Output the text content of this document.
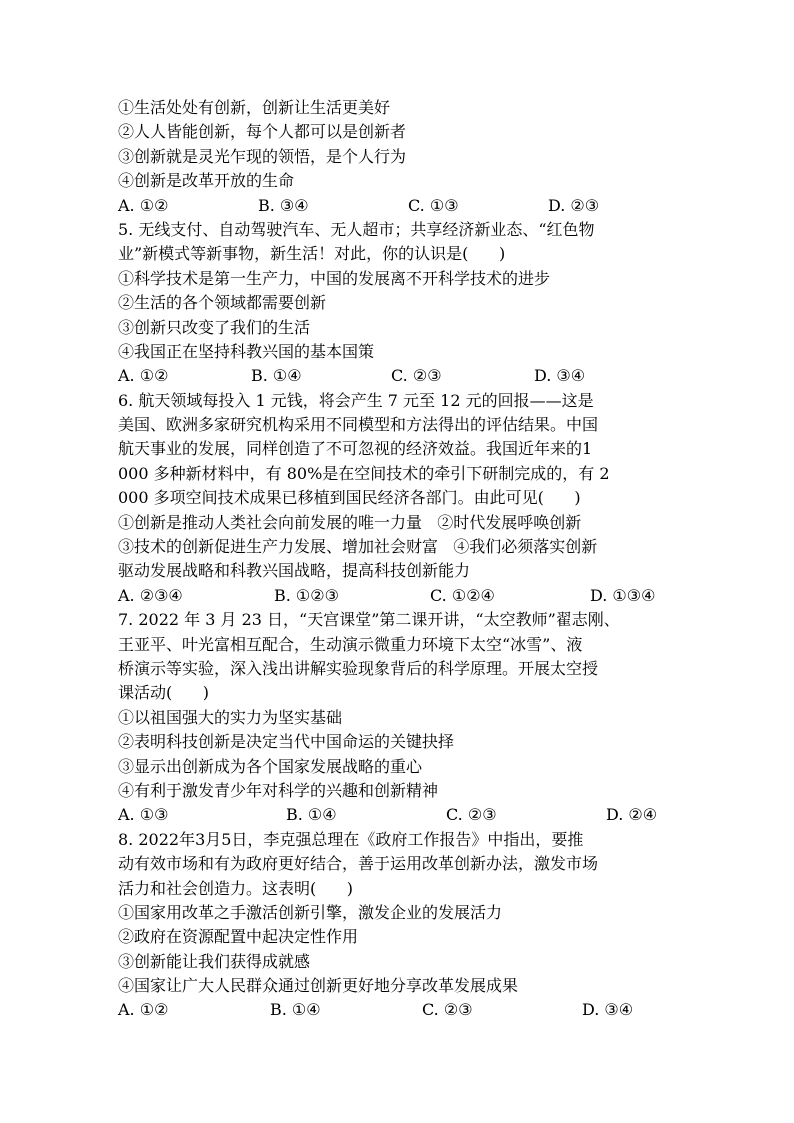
①生活处处有创新，创新让生活更美好
②人人皆能创新，每个人都可以是创新者
③创新就是灵光乍现的领悟，是个人行为
④创新是改革开放的生命
A. ①②	B. ③④	C. ①③	D. ②③
5. 无线支付、自动驾驶汽车、无人超市；共享经济新业态、“红色物
业”新模式等新事物，新生活！对此，你的认识是(      )
①科学技术是第一生产力，中国的发展离不开科学技术的进步
②生活的各个领域都需要创新
③创新只改变了我们的生活
④我国正在坚持科教兴国的基本国策
A. ①②	B. ①④	C. ②③	D. ③④
6. 航天领域每投入 1 元钱，将会产生 7 元至 12 元的回报——这是
美国、欧洲多家研究机构采用不同模型和方法得出的评估结果。中国
航天事业的发展，同样创造了不可忽视的经济效益。我国近年来的1
000 多种新材料中，有 80%是在空间技术的牵引下研制完成的，有 2
000 多项空间技术成果已移植到国民经济各部门。由此可见(      )
①创新是推动人类社会向前发展的唯一力量   ②时代发展呼唤创新
③技术的创新促进生产力发展、增加社会财富   ④我们必须落实创新
驱动发展战略和科教兴国战略，提高科技创新能力
A. ②③④	B. ①②③	C. ①②④	D. ①③④
7. 2022 年 3 月 23 日，“天宫课堂”第二课开讲，“太空教师”翟志刚、
王亚平、叶光富相互配合，生动演示微重力环境下太空“冰雪”、液
桥演示等实验，深入浅出讲解实验现象背后的科学原理。开展太空授
课活动(      )
①以祖国强大的实力为坚实基础
②表明科技创新是决定当代中国命运的关键抉择
③显示出创新成为各个国家发展战略的重心
④有利于激发青少年对科学的兴趣和创新精神
A. ①③	B. ①④	C. ②③	D. ②④
8. 2022年3月5日，李克强总理在《政府工作报告》中指出，要推
动有效市场和有为政府更好结合，善于运用改革创新办法，激发市场
活力和社会创造力。这表明(      )
①国家用改革之手激活创新引擎，激发企业的发展活力
②政府在资源配置中起决定性作用
③创新能让我们获得成就感
④国家让广大人民群众通过创新更好地分享改革发展成果
A. ①②	B. ①④	C. ②③	D. ③④
